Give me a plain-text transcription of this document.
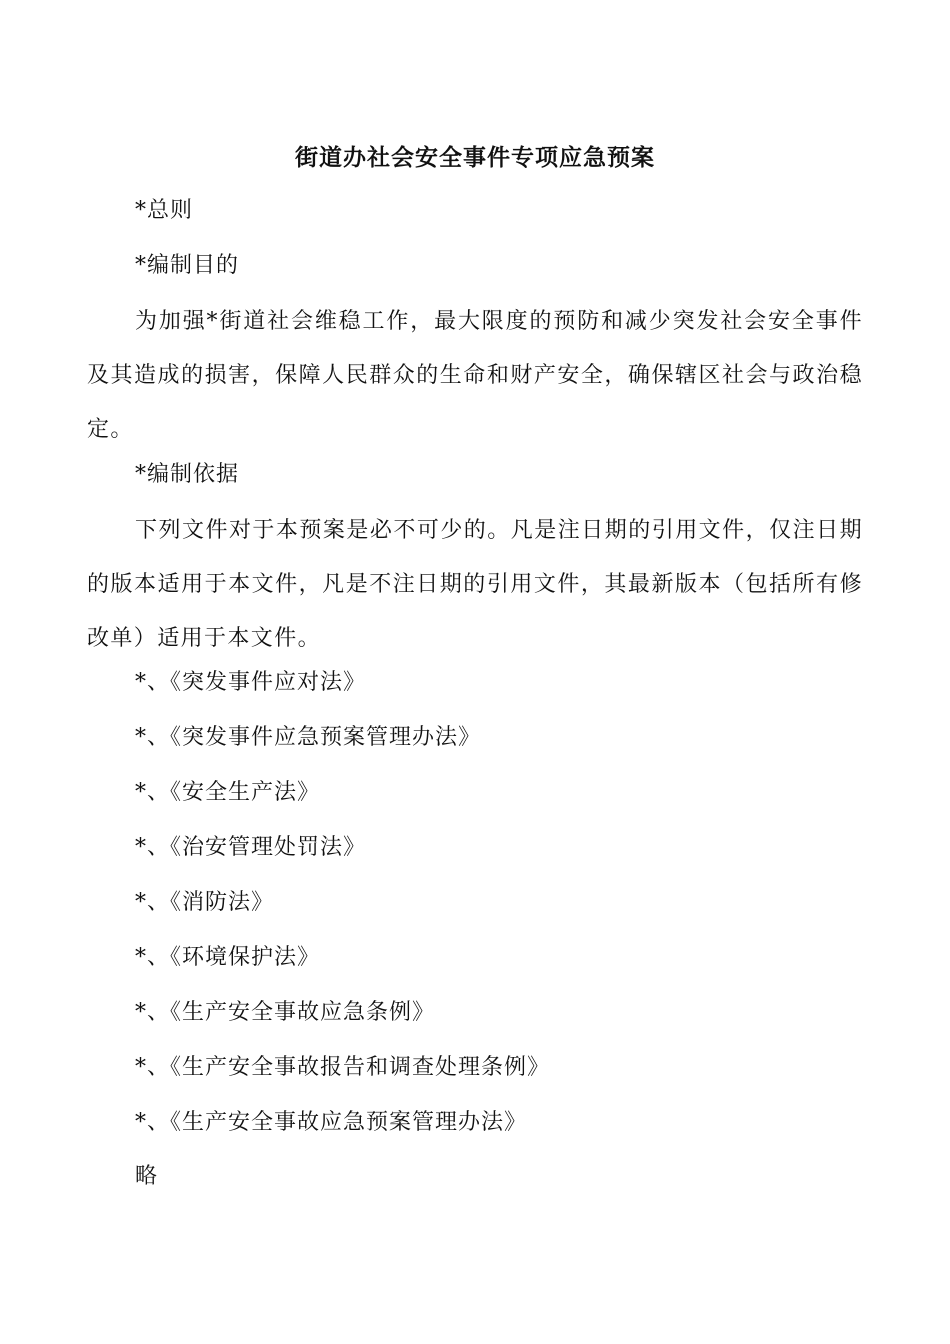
街道办社会安全事件专项应急预案
*总则
*编制目的

为加强*街道社会维稳工作，最大限度的预防和减少突发社会安全事件及其造成的损害，保障人民群众的生命和财产安全，确保辖区社会与政治稳定。

*编制依据

下列文件对于本预案是必不可少的。凡是注日期的引用文件，仅注日期的版本适用于本文件，凡是不注日期的引用文件，其最新版本（包括所有修改单）适用于本文件。

*、《突发事件应对法》
*、《突发事件应急预案管理办法》
*、《安全生产法》
*、《治安管理处罚法》
*、《消防法》
*、《环境保护法》
*、《生产安全事故应急条例》
*、《生产安全事故报告和调查处理条例》
*、《生产安全事故应急预案管理办法》
略
